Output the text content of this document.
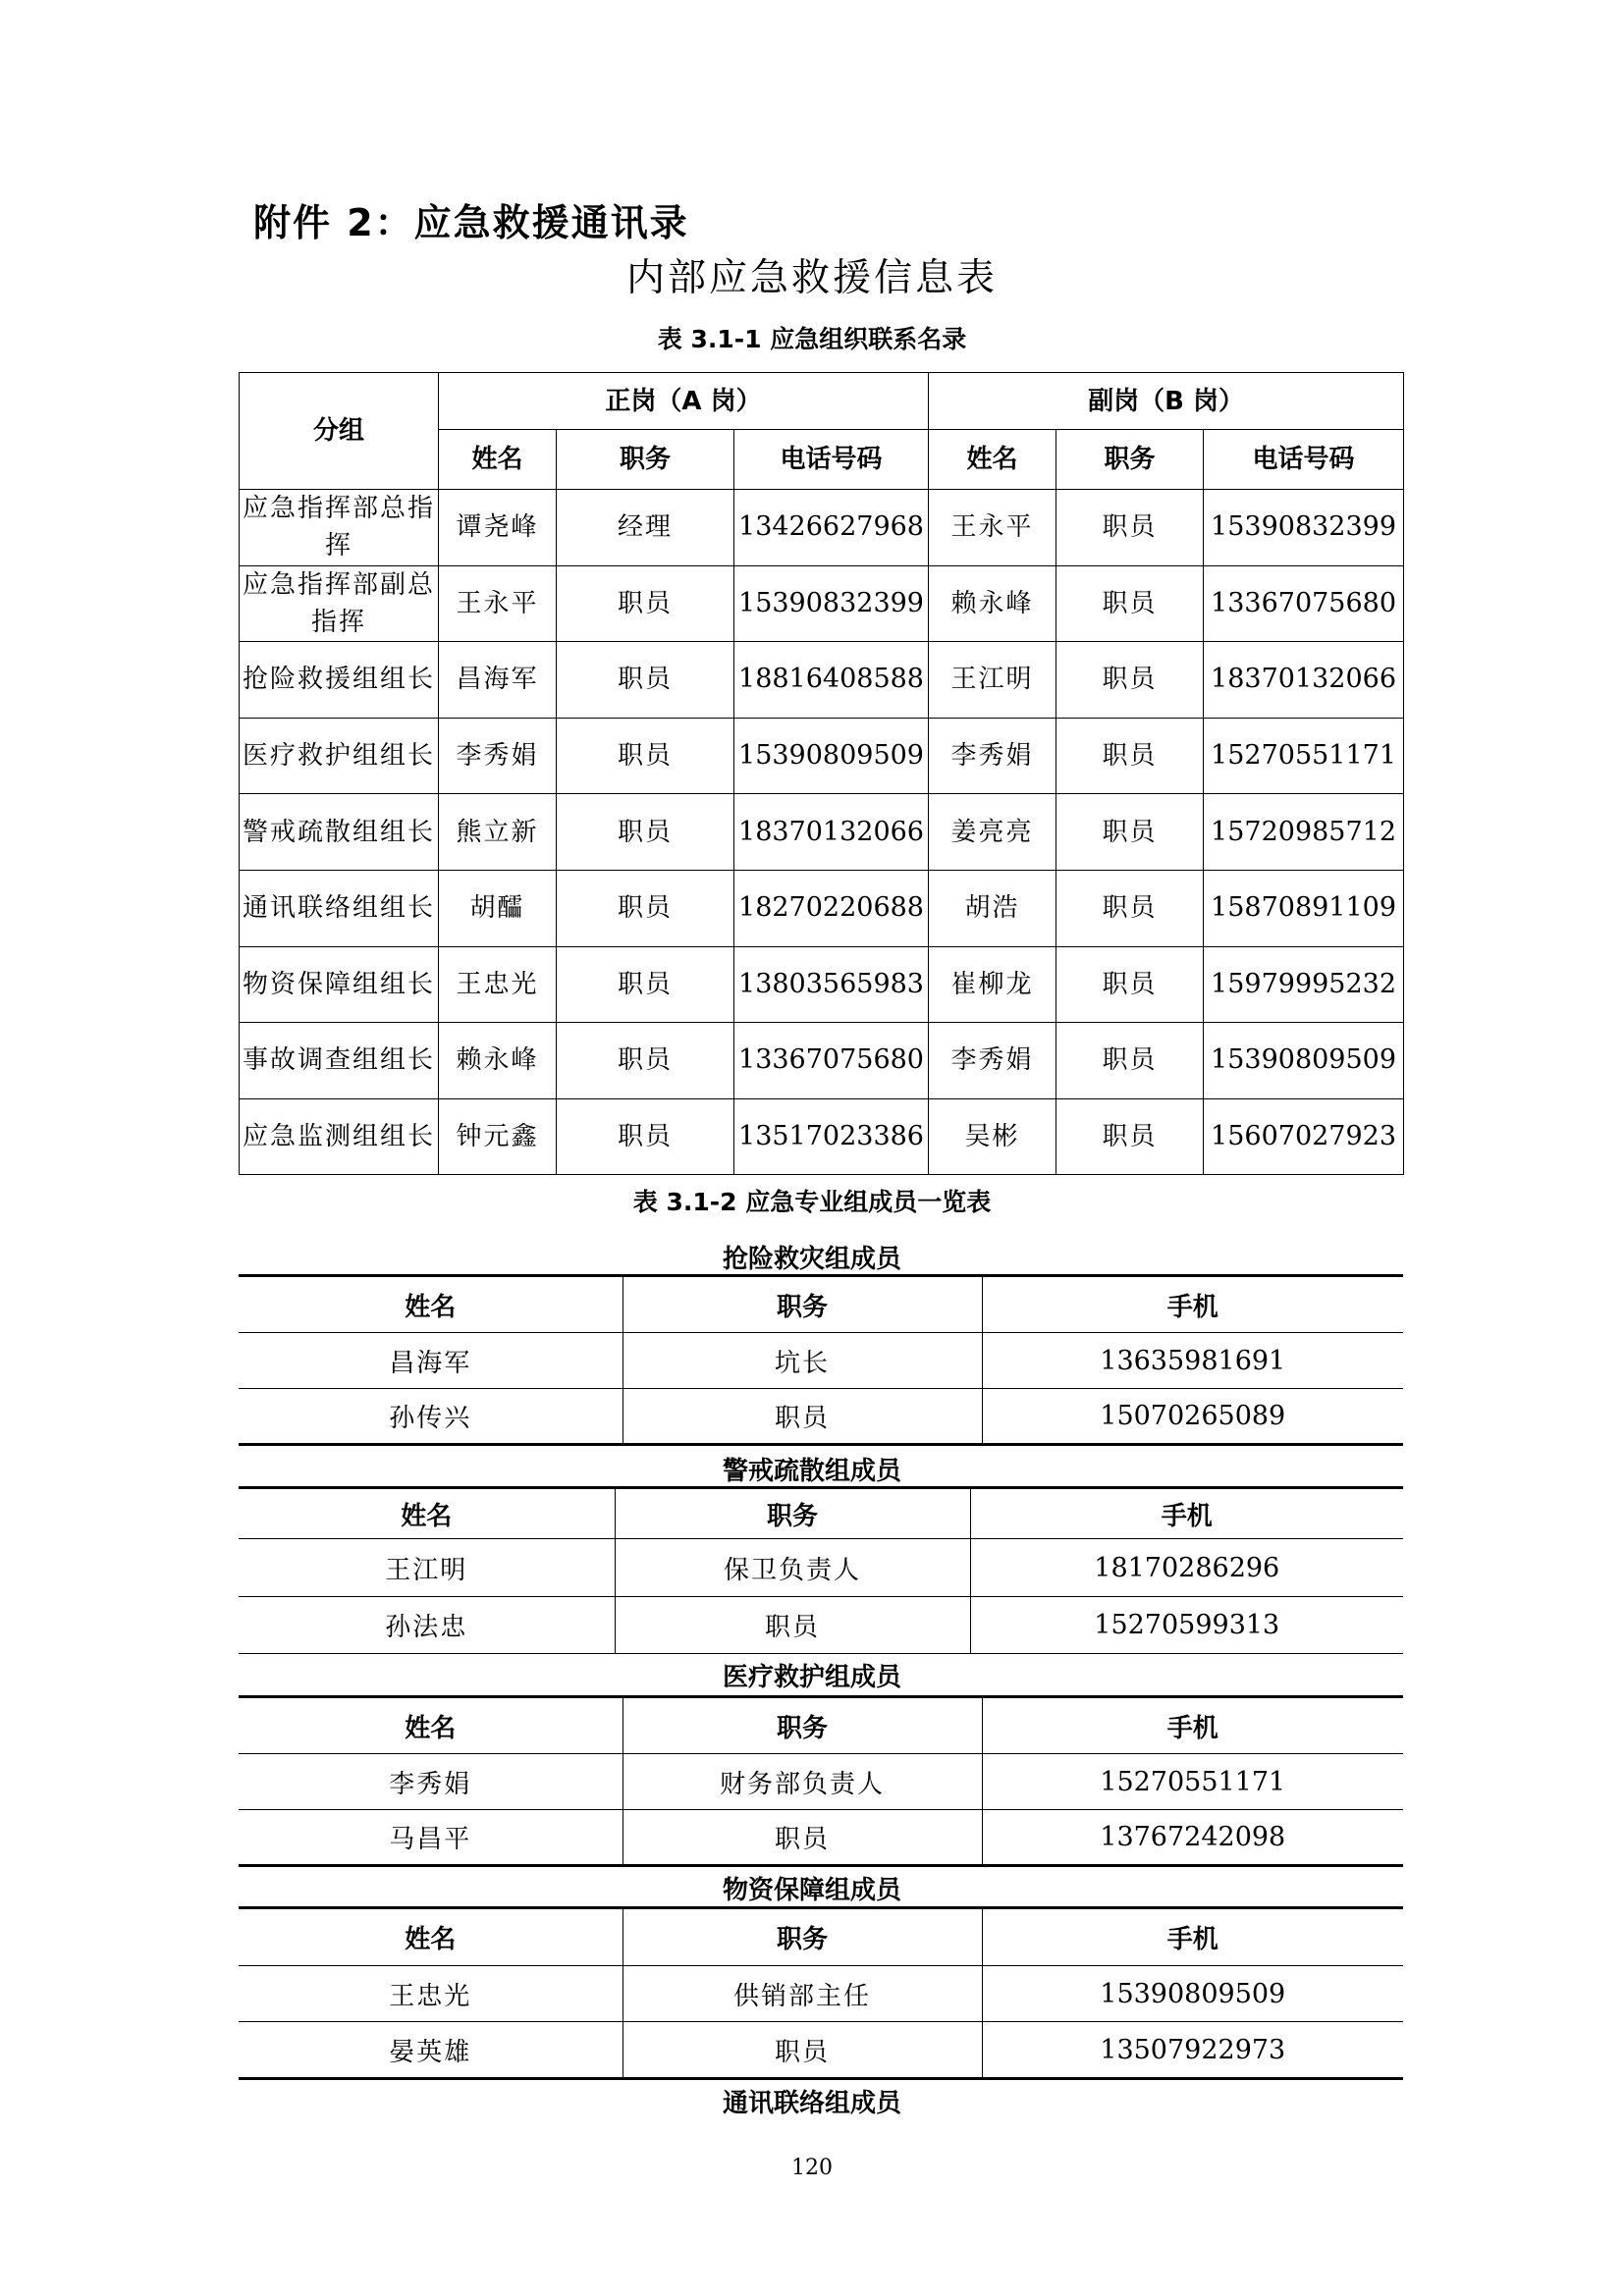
附件 2：应急救援通讯录
内部应急救援信息表
表 3.1-1 应急组织联系名录
分组	正岗（A 岗）			副岗（B 岗）		
	姓名	职务	电话号码	姓名	职务	电话号码
应急指挥部总指挥	谭尧峰	经理	13426627968	王永平	职员	15390832399
应急指挥部副总指挥	王永平	职员	15390832399	赖永峰	职员	13367075680
抢险救援组组长	昌海军	职员	18816408588	王江明	职员	18370132066
医疗救护组组长	李秀娟	职员	15390809509	李秀娟	职员	15270551171
警戒疏散组组长	熊立新	职员	18370132066	姜亮亮	职员	15720985712
通讯联络组组长	胡醽	职员	18270220688	胡浩	职员	15870891109
物资保障组组长	王忠光	职员	13803565983	崔柳龙	职员	15979995232
事故调查组组长	赖永峰	职员	13367075680	李秀娟	职员	15390809509
应急监测组组长	钟元鑫	职员	13517023386	吴彬	职员	15607027923
表 3.1-2 应急专业组成员一览表
抢险救灾组成员
姓名	职务	手机
昌海军	坑长	13635981691
孙传兴	职员	15070265089
警戒疏散组成员
姓名	职务	手机
王江明	保卫负责人	18170286296
孙法忠	职员	15270599313
医疗救护组成员
姓名	职务	手机
李秀娟	财务部负责人	15270551171
马昌平	职员	13767242098
物资保障组成员
姓名	职务	手机
王忠光	供销部主任	15390809509
晏英雄	职员	13507922973
通讯联络组成员
120
